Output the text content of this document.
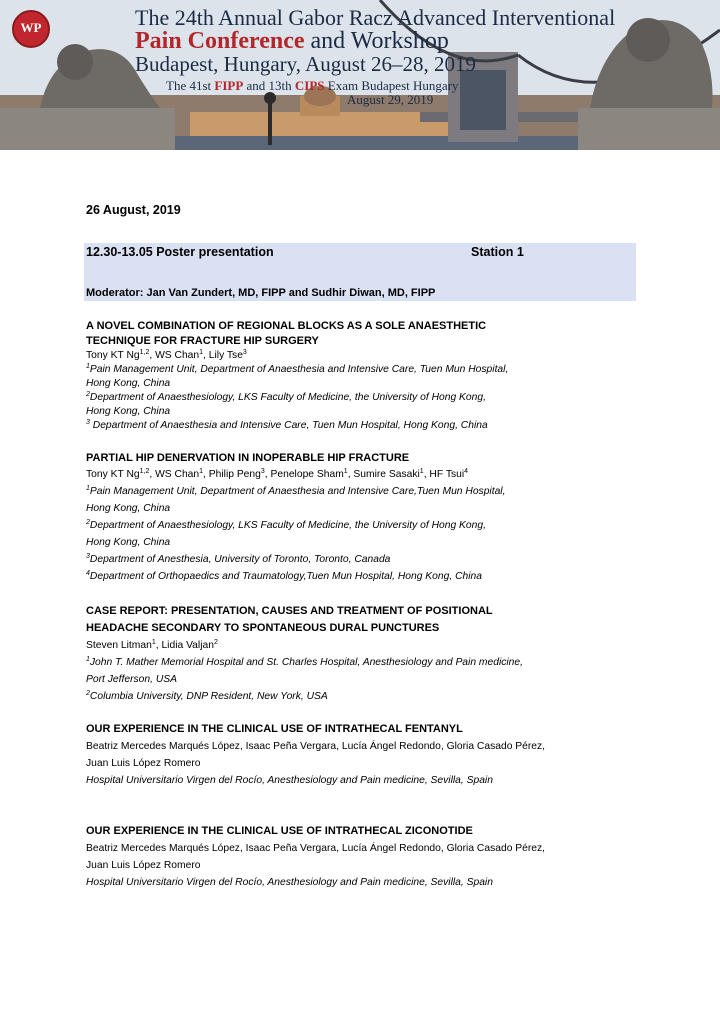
WP	The 24th Annual Gabor Racz Advanced Interventional
Pain Conference and Workshop
Budapest, Hungary, August 26–28, 2019
The 41st FIPP and 13th CIPS Exam Budapest Hungary
August 29, 2019
26 August, 2019
12.30-13.05 Poster presentation	Station 1
Moderator: Jan Van Zundert, MD, FIPP and Sudhir Diwan, MD, FIPP
A NOVEL COMBINATION OF REGIONAL BLOCKS AS A SOLE ANAESTHETIC
TECHNIQUE FOR FRACTURE HIP SURGERY
Tony KT Ng$^{1,2}$, WS Chan$^1$, Lily Tse$^3$
$^1$Pain Management Unit, Department of Anaesthesia and Intensive Care, Tuen Mun Hospital,
Hong Kong, China
$^2$Department of Anaesthesiology, LKS Faculty of Medicine, the University of Hong Kong,
Hong Kong, China
$^3$ Department of Anaesthesia and Intensive Care, Tuen Mun Hospital, Hong Kong, China
PARTIAL HIP DENERVATION IN INOPERABLE HIP FRACTURE
Tony KT Ng$^{1,2}$, WS Chan$^1$, Philip Peng$^3$, Penelope Sham$^1$, Sumire Sasaki$^1$, HF Tsui$^4$
$^1$Pain Management Unit, Department of Anaesthesia and Intensive Care,Tuen Mun Hospital,
Hong Kong, China
$^2$Department of Anaesthesiology, LKS Faculty of Medicine, the University of Hong Kong,
Hong Kong, China
$^3$Department of Anesthesia, University of Toronto, Toronto, Canada
$^4$Department of Orthopaedics and Traumatology,Tuen Mun Hospital, Hong Kong, China
CASE REPORT: PRESENTATION, CAUSES AND TREATMENT OF POSITIONAL
HEADACHE SECONDARY TO SPONTANEOUS DURAL PUNCTURES
Steven Litman$^1$, Lidia Valjan$^2$
$^1$John T. Mather Memorial Hospital and St. Charles Hospital, Anesthesiology and Pain medicine,
Port Jefferson, USA
$^2$Columbia University, DNP Resident, New York, USA
OUR EXPERIENCE IN THE CLINICAL USE OF INTRATHECAL FENTANYL
Beatriz Mercedes Marqués López, Isaac Peña Vergara, Lucía Ángel Redondo, Gloria Casado Pérez,
Juan Luis López Romero
Hospital Universitario Virgen del Rocío, Anesthesiology and Pain medicine, Sevilla, Spain
OUR EXPERIENCE IN THE CLINICAL USE OF INTRATHECAL ZICONOTIDE
Beatriz Mercedes Marqués López, Isaac Peña Vergara, Lucía Ángel Redondo, Gloria Casado Pérez,
Juan Luis López Romero
Hospital Universitario Virgen del Rocío, Anesthesiology and Pain medicine, Sevilla, Spain
